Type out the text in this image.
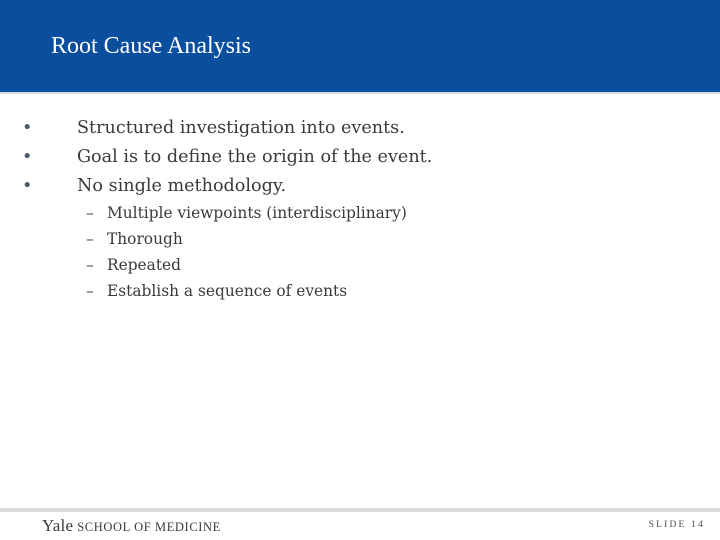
Root Cause Analysis
•	Structured investigation into events.
•	Goal is to define the origin of the event.
•	No single methodology.
– Multiple viewpoints (interdisciplinary)
– Thorough
– Repeated
– Establish a sequence of events
Yale SCHOOL OF MEDICINE	SLIDE 14
